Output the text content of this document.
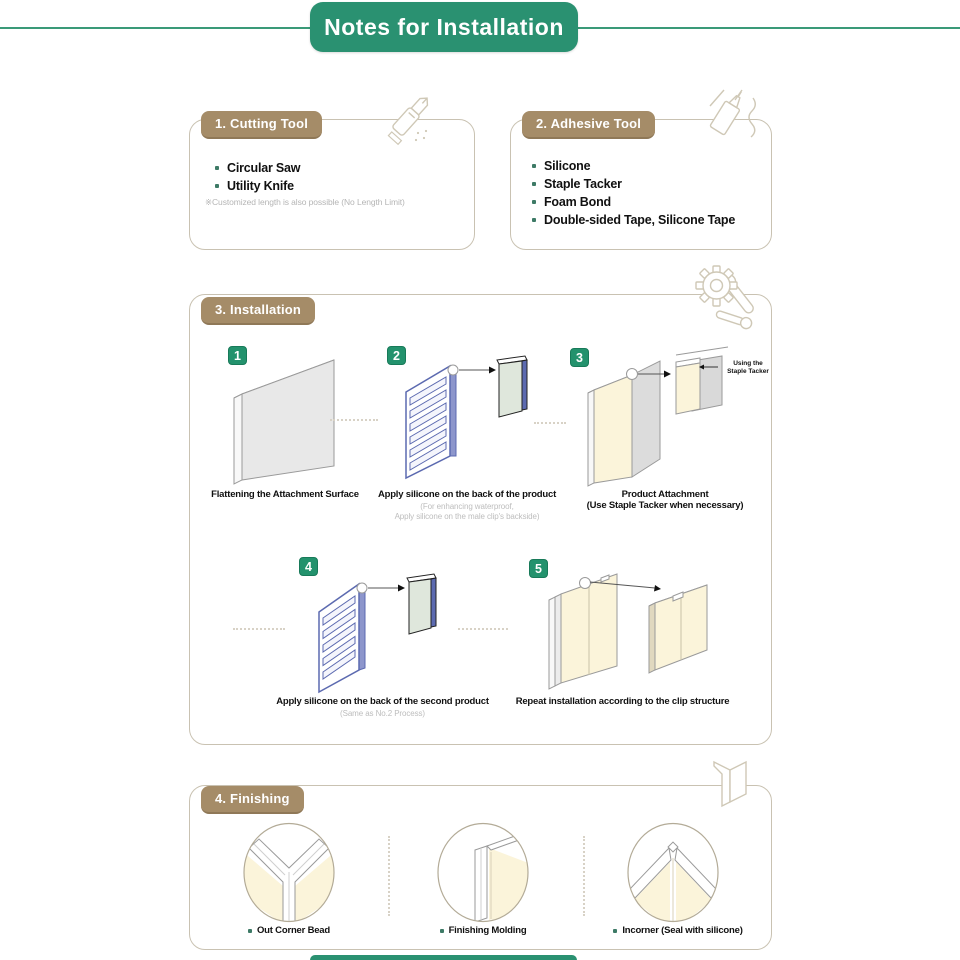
Notes for Installation
1. Cutting Tool
Circular Saw
Utility Knife
※Customized length is also possible (No Length Limit)
2. Adhesive Tool
Silicone
Staple Tacker
Foam Bond
Double-sided Tape, Silicone Tape
3. Installation
1	2	3
4	5
Using the
Staple Tacker
Flattening the Attachment Surface	Apply silicone on the back of the product
(For enhancing waterproof,
Apply silicone on the male clip's backside)
Product Attachment
(Use Staple Tacker when necessary)
Apply silicone on the back of the second product
(Same as No.2 Process)
Repeat installation according to the clip structure
4. Finishing
Out Corner Bead	Finishing Molding	Incorner (Seal with silicone)
